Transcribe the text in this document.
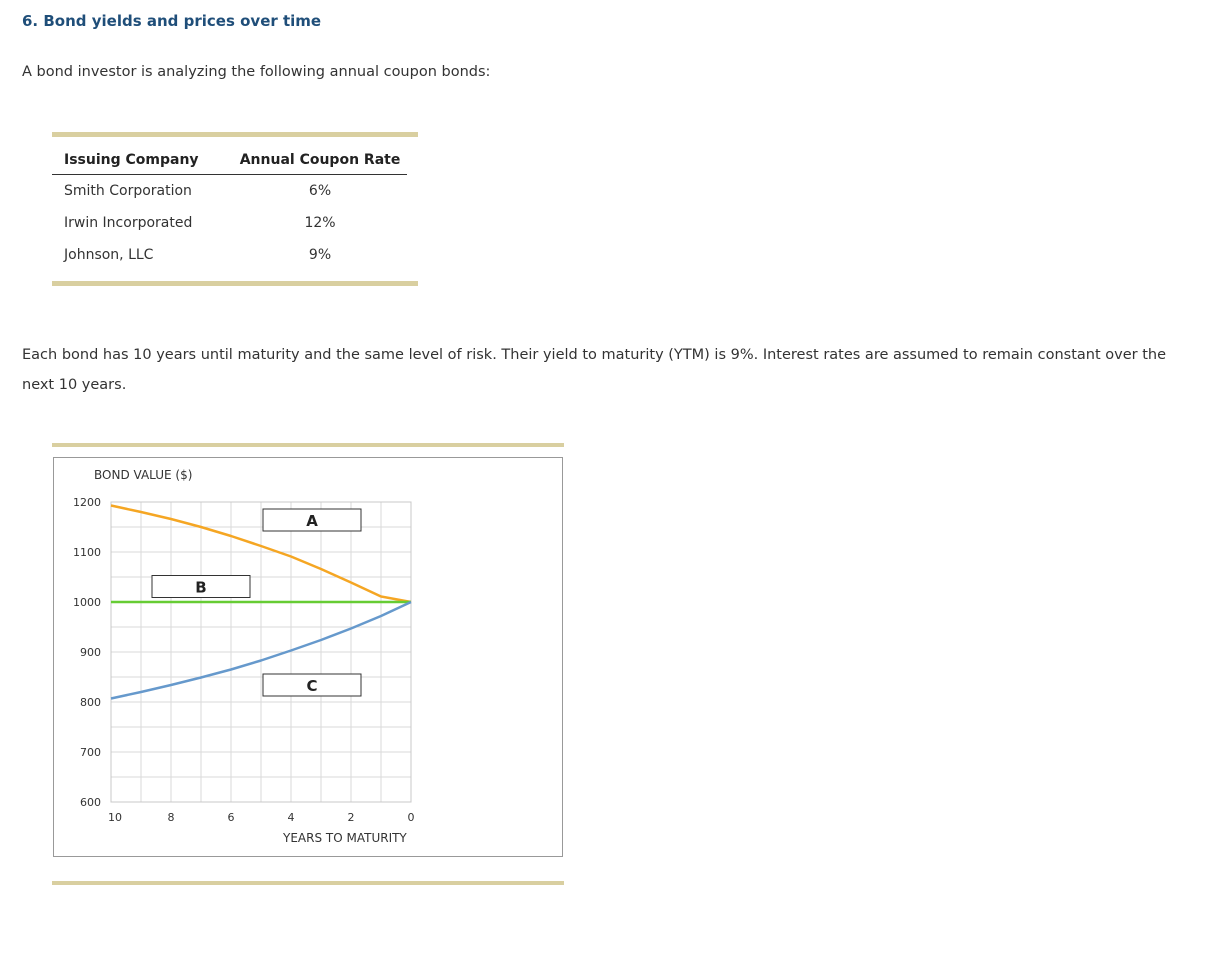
6. Bond yields and prices over time

A bond investor is analyzing the following annual coupon bonds:

Issuing Company	Annual Coupon Rate
Smith Corporation	6%
Irwin Incorporated	12%
Johnson, LLC	9%

Each bond has 10 years until maturity and the same level of risk. Their yield to maturity (YTM) is 9%. Interest rates are assumed to remain constant over the next 10 years.

1200
1100
1000
900
800
700
600
10	8	6	4	2	0
BOND VALUE ($)
YEARS TO MATURITY
A
B
C
